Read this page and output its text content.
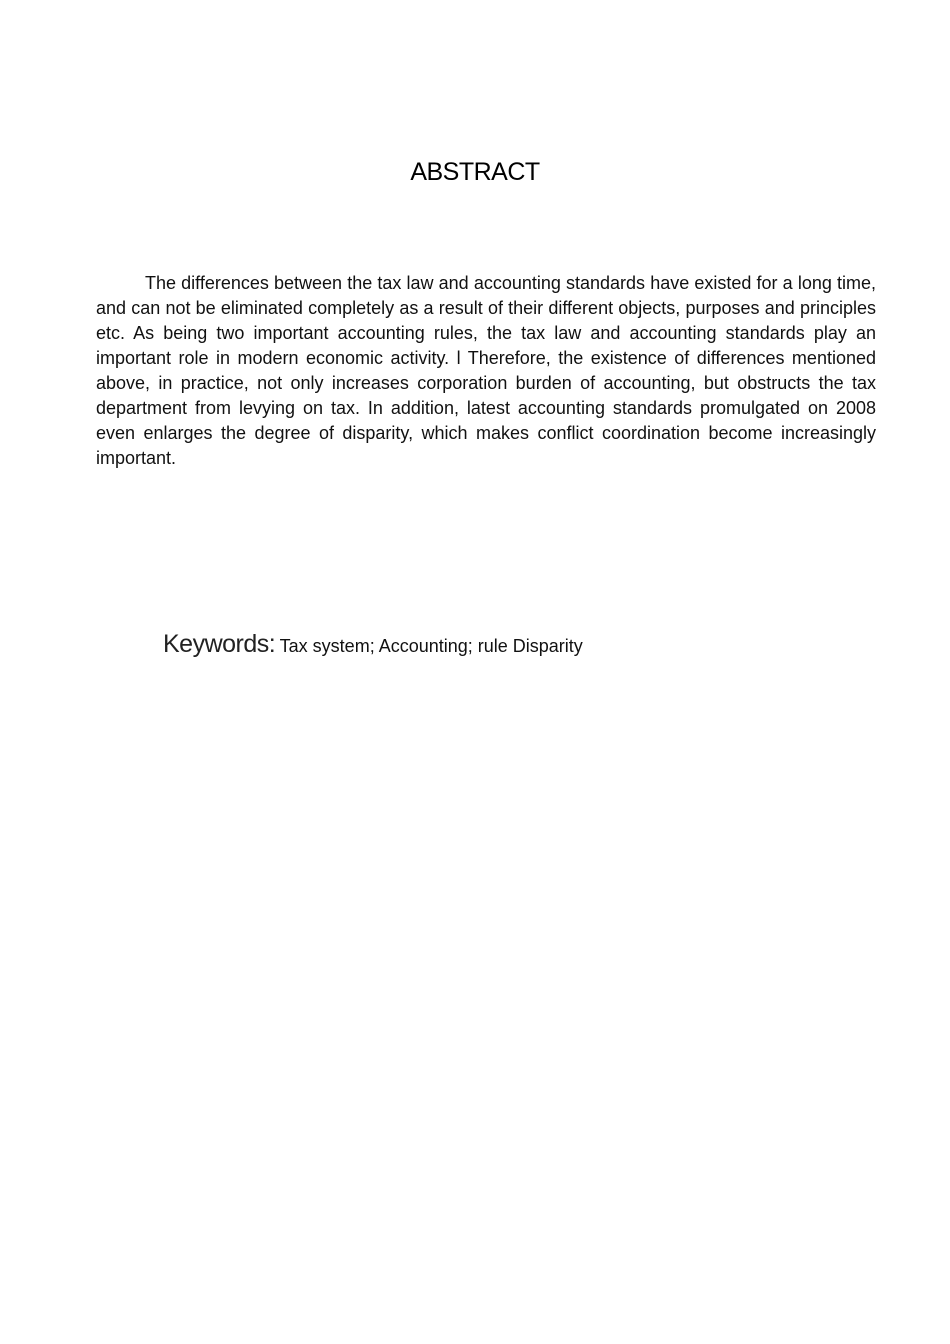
ABSTRACT

The differences between the tax law and accounting standards have existed for a long time, and can not be eliminated completely as a result of their different objects, purposes and principles etc. As being two important accounting rules, the tax law and accounting standards play an important role in modern economic activity. l Therefore, the existence of differences mentioned above, in practice, not only increases corporation burden of accounting, but obstructs the tax department from levying on tax. In addition, latest accounting standards promulgated on 2008 even enlarges the degree of disparity, which makes conflict coordination become increasingly important.

Keywords: Tax system; Accounting; rule Disparity
